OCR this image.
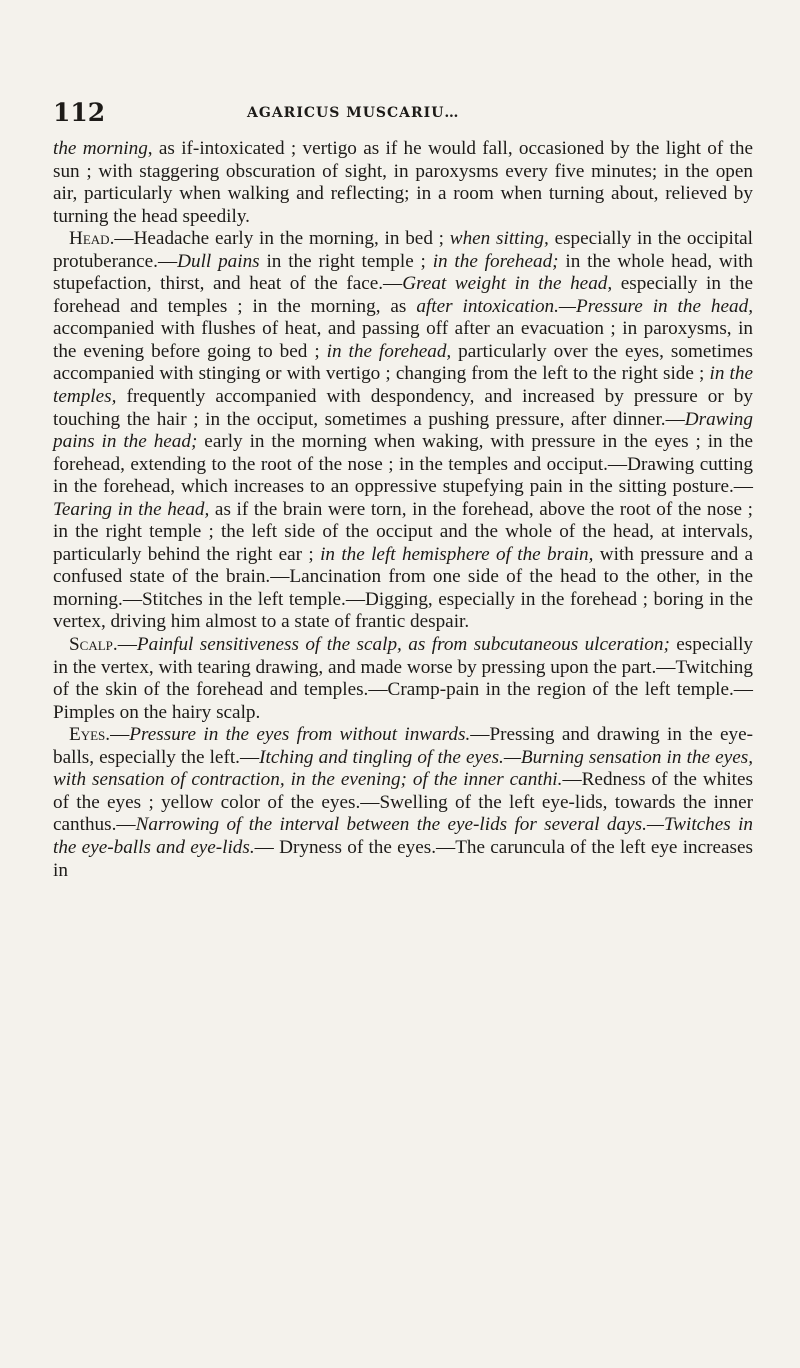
112	AGARICUS MUSCARIU…

the morning, as if-intoxicated ; vertigo as if he would fall, occasioned by the light of the sun ; with staggering obscuration of sight, in paroxysms every five minutes; in the open air, particularly when walking and reflecting; in a room when turning about, relieved by turning the head speedily.

Head.—Headache early in the morning, in bed ; when sitting, especially in the occipital protuberance.—Dull pains in the right temple ; in the forehead; in the whole head, with stupefaction, thirst, and heat of the face.—Great weight in the head, especially in the forehead and temples ; in the morning, as after intoxication.—Pressure in the head, accompanied with flushes of heat, and passing off after an evacuation ; in paroxysms, in the evening before going to bed ; in the forehead, particularly over the eyes, sometimes accompanied with stinging or with vertigo ; changing from the left to the right side ; in the temples, frequently accompanied with despondency, and increased by pressure or by touching the hair ; in the occiput, sometimes a pushing pressure, after dinner.—Drawing pains in the head; early in the morning when waking, with pressure in the eyes ; in the forehead, extending to the root of the nose ; in the temples and occiput.—Drawing cutting in the forehead, which increases to an oppressive stupefying pain in the sitting posture.—Tearing in the head, as if the brain were torn, in the forehead, above the root of the nose ; in the right temple ; the left side of the occiput and the whole of the head, at intervals, particularly behind the right ear ; in the left hemisphere of the brain, with pressure and a confused state of the brain.—Lancination from one side of the head to the other, in the morning.—Stitches in the left temple.—Digging, especially in the forehead ; boring in the vertex, driving him almost to a state of frantic despair.

Scalp.—Painful sensitiveness of the scalp, as from subcutaneous ulceration; especially in the vertex, with tearing drawing, and made worse by pressing upon the part.—Twitching of the skin of the forehead and temples.—Cramp-pain in the region of the left temple.— Pimples on the hairy scalp.

Eyes.—Pressure in the eyes from without inwards.—Pressing and drawing in the eye-balls, especially the left.—Itching and tingling of the eyes.—Burning sensation in the eyes, with sensation of contraction, in the evening; of the inner canthi.—Redness of the whites of the eyes ; yellow color of the eyes.—Swelling of the left eye-lids, towards the inner canthus.—Narrowing of the interval between the eye-lids for several days.—Twitches in the eye-balls and eye-lids.— Dryness of the eyes.—The caruncula of the left eye increases in
